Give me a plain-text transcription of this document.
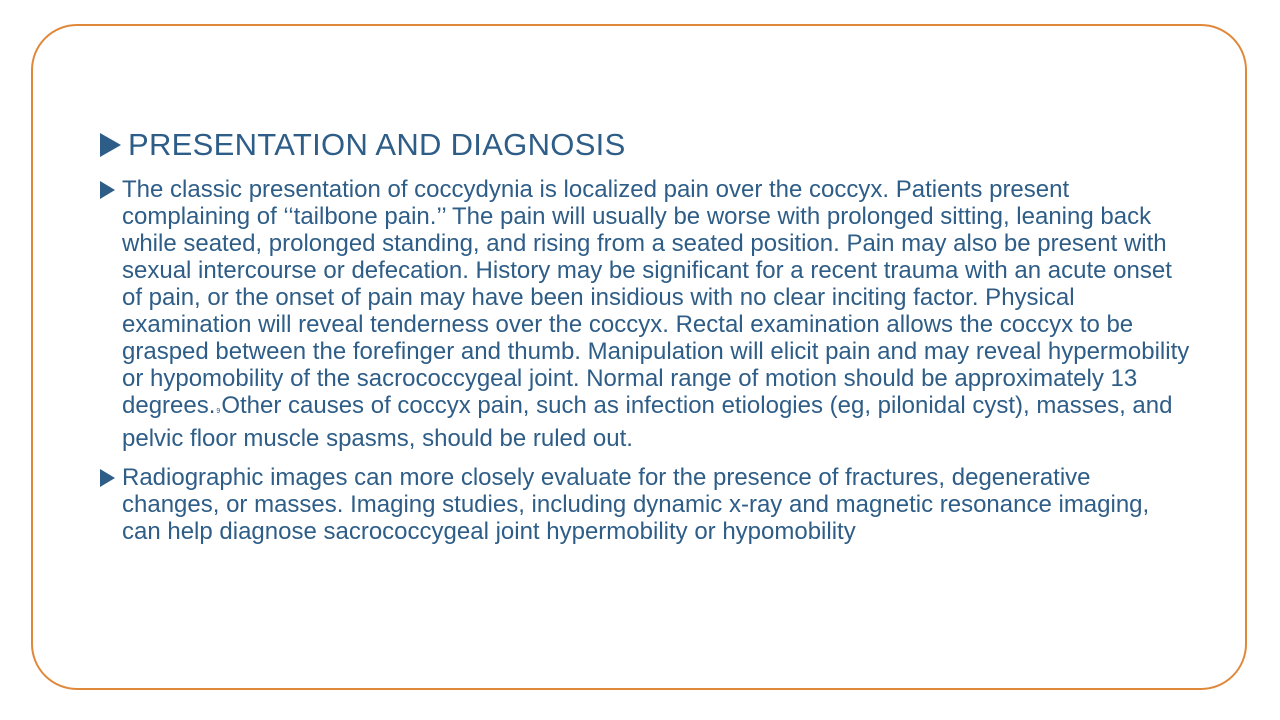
PRESENTATION AND DIAGNOSIS
The classic presentation of coccydynia is localized pain over the coccyx. Patients present complaining of ‘‘tailbone pain.’’ The pain will usually be worse with prolonged sitting, leaning back while seated, prolonged standing, and rising from a seated position. Pain may also be present with sexual intercourse or defecation. History may be significant for a recent trauma with an acute onset of pain, or the onset of pain may have been insidious with no clear inciting factor. Physical examination will reveal tenderness over the coccyx. Rectal examination allows the coccyx to be grasped between the forefinger and thumb. Manipulation will elicit pain and may reveal hypermobility or hypomobility of the sacrococcygeal joint. Normal range of motion should be approximately 13 degrees.9Other causes of coccyx pain, such as infection etiologies (eg, pilonidal cyst), masses, and pelvic floor muscle spasms, should be ruled out.
Radiographic images can more closely evaluate for the presence of fractures, degenerative changes, or masses. Imaging studies, including dynamic x-ray and magnetic resonance imaging, can help diagnose sacrococcygeal joint hypermobility or hypomobility
